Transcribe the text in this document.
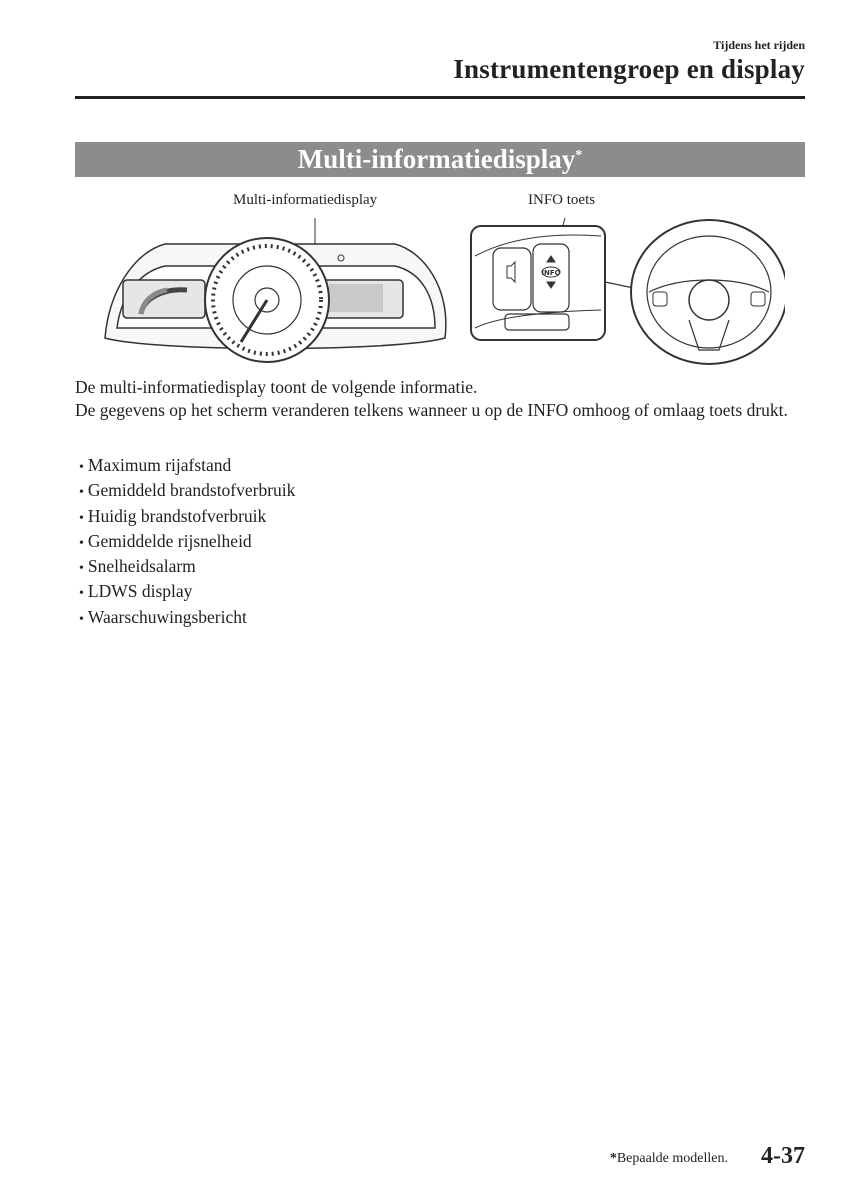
Tijdens het rijden
Instrumentengroep en display
Multi-informatiedisplay*
Multi-informatiedisplay	INFO toets
INFO

De multi-informatiedisplay toont de volgende informatie.

De gegevens op het scherm veranderen telkens wanneer u op de INFO omhoog of omlaag toets drukt.

• Maximum rijafstand
• Gemiddeld brandstofverbruik
• Huidig brandstofverbruik
• Gemiddelde rijsnelheid
• Snelheidsalarm
• LDWS display
• Waarschuwingsbericht
*Bepaalde modellen. 4-37
